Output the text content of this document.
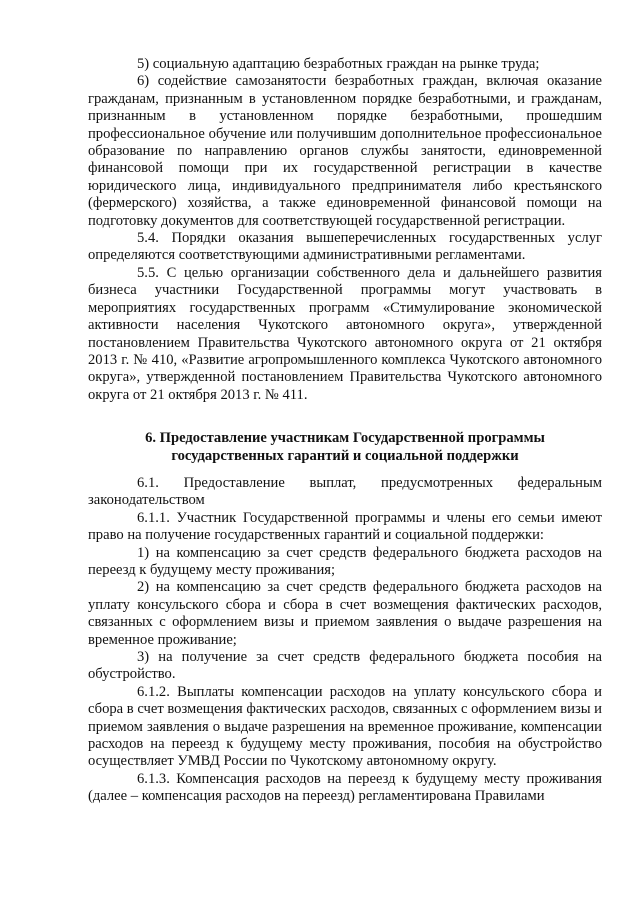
5) социальную адаптацию безработных граждан на рынке труда;

6) содействие самозанятости безработных граждан, включая оказание гражданам, признанным в установленном порядке безработными, и гражданам, признанным в установленном порядке безработными, прошедшим профессиональное обучение или получившим дополнительное профессиональное образование по направлению органов службы занятости, единовременной финансовой помощи при их государственной регистрации в качестве юридического лица, индивидуального предпринимателя либо крестьянского (фермерского) хозяйства, а также единовременной финансовой помощи на подготовку документов для соответствующей государственной регистрации.

5.4. Порядки оказания вышеперечисленных государственных услуг определяются соответствующими административными регламентами.

5.5. С целью организации собственного дела и дальнейшего развития бизнеса участники Государственной программы могут участвовать в мероприятиях государственных программ «Стимулирование экономической активности населения Чукотского автономного округа», утвержденной постановлением Правительства Чукотского автономного округа от 21 октября 2013 г. № 410, «Развитие агропромышленного комплекса Чукотского автономного округа», утвержденной постановлением Правительства Чукотского автономного округа от 21 октября 2013 г. № 411.

6. Предоставление участникам Государственной программы
государственных гарантий и социальной поддержки

6.1. Предоставление выплат, предусмотренных федеральным законодательством

6.1.1. Участник Государственной программы и члены его семьи имеют право на получение государственных гарантий и социальной поддержки:

1) на компенсацию за счет средств федерального бюджета расходов на переезд к будущему месту проживания;

2) на компенсацию за счет средств федерального бюджета расходов на уплату консульского сбора и сбора в счет возмещения фактических расходов, связанных с оформлением визы и приемом заявления о выдаче разрешения на временное проживание;

3) на получение за счет средств федерального бюджета пособия на обустройство.

6.1.2. Выплаты компенсации расходов на уплату консульского сбора и сбора в счет возмещения фактических расходов, связанных с оформлением визы и приемом заявления о выдаче разрешения на временное проживание, компенсации расходов на переезд к будущему месту проживания, пособия на обустройство осуществляет УМВД России по Чукотскому автономному округу.

6.1.3. Компенсация расходов на переезд к будущему месту проживания (далее – компенсация расходов на переезд) регламентирована Правилами
